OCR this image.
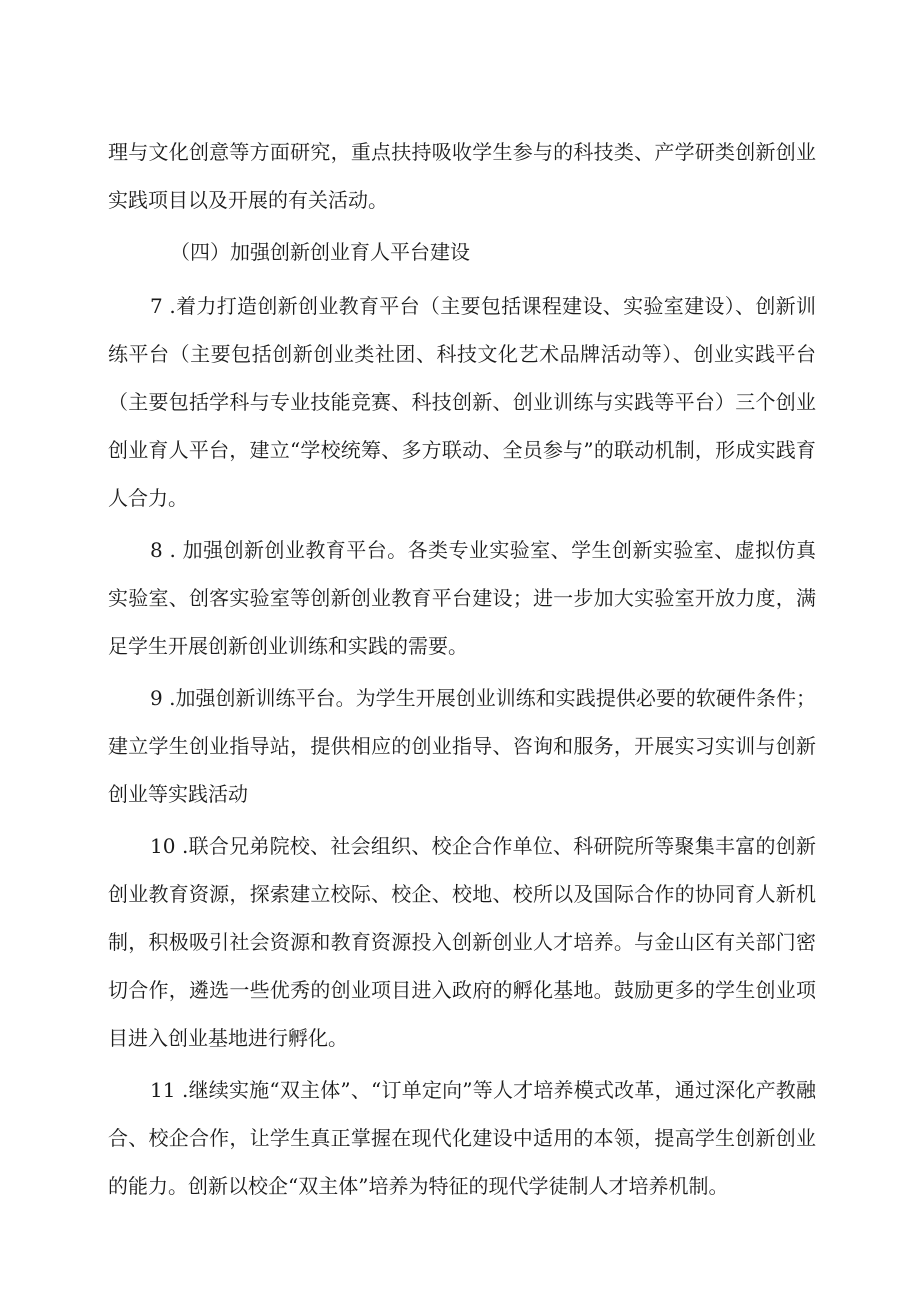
理与文化创意等方面研究，重点扶持吸收学生参与的科技类、产学研类创新创业实践项目以及开展的有关活动。

（四）加强创新创业育人平台建设

7 .着力打造创新创业教育平台（主要包括课程建设、实验室建设）、创新训练平台（主要包括创新创业类社团、科技文化艺术品牌活动等）、创业实践平台（主要包括学科与专业技能竞赛、科技创新、创业训练与实践等平台）三个创业创业育人平台，建立“学校统筹、多方联动、全员参与”的联动机制，形成实践育人合力。

8 . 加强创新创业教育平台。各类专业实验室、学生创新实验室、虚拟仿真实验室、创客实验室等创新创业教育平台建设；进一步加大实验室开放力度，满足学生开展创新创业训练和实践的需要。

9 .加强创新训练平台。为学生开展创业训练和实践提供必要的软硬件条件；建立学生创业指导站，提供相应的创业指导、咨询和服务，开展实习实训与创新创业等实践活动

10 .联合兄弟院校、社会组织、校企合作单位、科研院所等聚集丰富的创新创业教育资源，探索建立校际、校企、校地、校所以及国际合作的协同育人新机制，积极吸引社会资源和教育资源投入创新创业人才培养。与金山区有关部门密切合作，遴选一些优秀的创业项目进入政府的孵化基地。鼓励更多的学生创业项目进入创业基地进行孵化。

11 .继续实施“双主体”、“订单定向”等人才培养模式改革，通过深化产教融合、校企合作，让学生真正掌握在现代化建设中适用的本领，提高学生创新创业的能力。创新以校企“双主体”培养为特征的现代学徒制人才培养机制。
